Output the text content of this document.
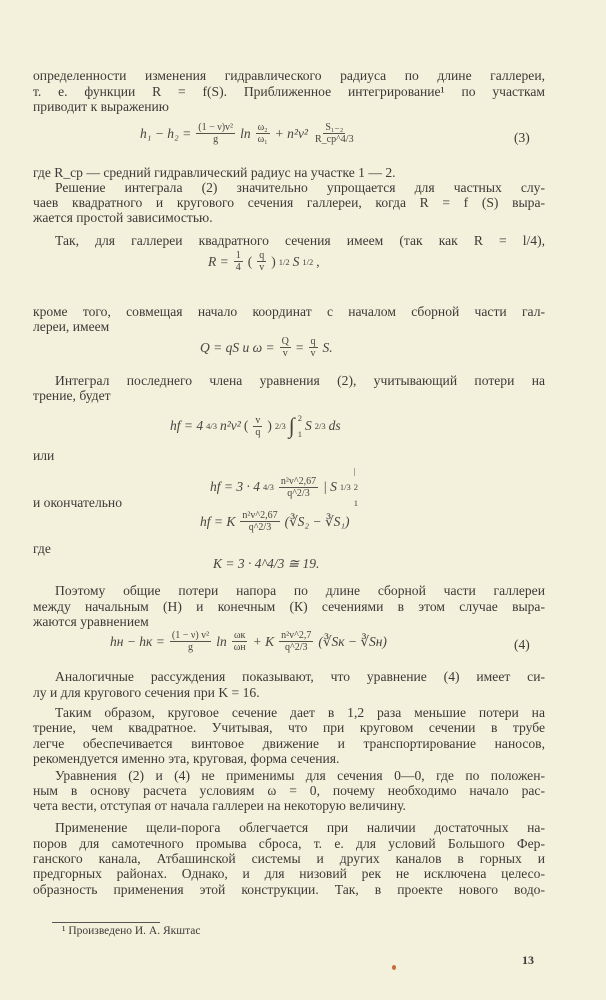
определенности изменения гидравлического радиуса по длине галлереи,
т. е. функции R = f(S). Приближенное интегрирование¹ по участкам
приводит к выражению
$h_1 - h_2 = \frac{\text{(1 − ν)v²}}{g}$ $\ln \frac{\text{ω₂}}{\text{ω₁}} + n^2v^2 \frac{\text{S₁₋₂}}{R\_cp\^{}4/3}$	(3)
где R_ср — средний гидравлический радиус на участке 1 — 2.
Решение интеграла (2) значительно упрощается для частных слу-
чаев квадратного и кругового сечения галлереи, когда R = f (S) выра-
жается простой зависимостью.
Так, для галлереи квадратного сечения имеем (так как R = l/4),
$R = \frac{1}{4}$ ( $\frac{q}{v}$ ) 1/2 S 1/2 ,
кроме того, совмещая начало координат с началом сборной части гал-
лереи, имеем
Q = qS и $\omega = \frac{Q}{v} = \frac{q}{v} S$.
Интеграл последнего члена уравнения (2), учитывающий потери на
трение, будет
hf = 4 4/3 n²v² ( $\frac{v}{q}$ ) 2/3 ∫ 2
1
S 2/3 ds
или
hf = 3 · 4 $4/3 \frac{\text{n²v\textasciicircum{}2,67}}{q\^{}2/3}$ | S 1/3
|
2
1
и окончательно
hf = K $\frac{\text{n²v\textasciicircum{}2,67}}{q\^{}2/3}$ (∛S₂ − ∛S₁)
где
K = 3 · 4^4/3 ≅ 19.
Поэтому общие потери напора по длине сборной части галлереи
между начальным (Н) и конечным (К) сечениями в этом случае выра-
жаются уравнением
hн − hк = $\frac{\text{(1 − ν) v²}}{g}$ ln ωк
ωн + K $\frac{\text{n²v\textasciicircum{}2,7}}{q\^{}2/3}$ (∛Sк − ∛Sн)	(4)
Аналогичные рассуждения показывают, что уравнение (4) имеет си-
лу и для кругового сечения при K = 16.
Таким образом, круговое сечение дает в 1,2 раза меньшие потери на
трение, чем квадратное. Учитывая, что при круговом сечении в трубе
легче обеспечивается винтовое движение и транспортирование наносов,
рекомендуется именно эта, круговая, форма сечения.
Уравнения (2) и (4) не применимы для сечения 0—0, где по положен-
ным в основу расчета условиям ω = 0, почему необходимо начало рас-
чета вести, отступая от начала галлереи на некоторую величину.
Применение щели-порога облегчается при наличии достаточных на-
поров для самотечного промыва сброса, т. е. для условий Большого Фер-
ганского канала, Атбашинской системы и других каналов в горных и
предгорных районах. Однако, и для низовий рек не исключена целесо-
образность применения этой конструкции. Так, в проекте нового водо-
¹ Произведено И. А. Якштас
13
